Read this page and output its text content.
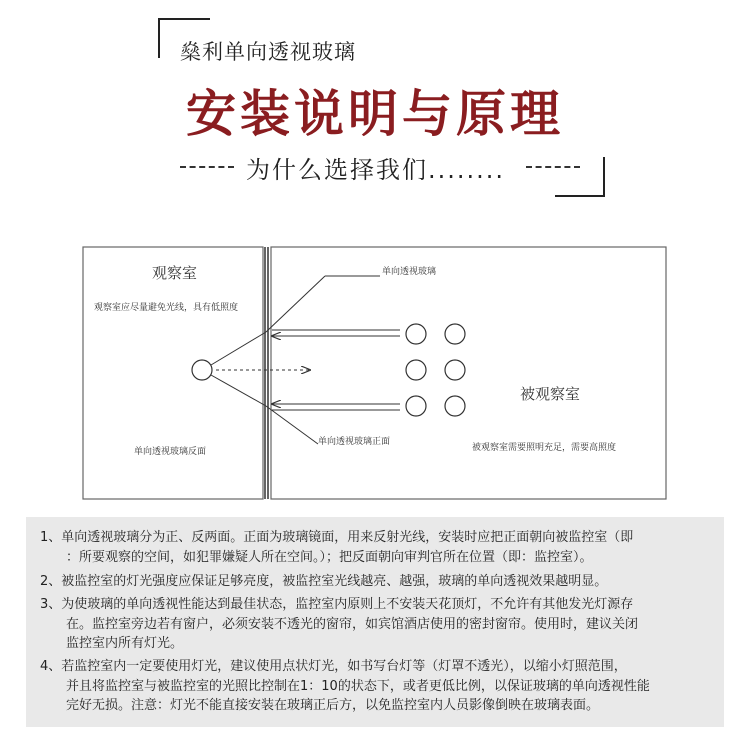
燊利单向透视玻璃
安装说明与原理
为什么选择我们........
观察室
观察室应尽量避免光线，具有低照度
被观察室
被观察室需要照明充足，需要高照度
单向透视玻璃
单向透视玻璃反面
单向透视玻璃正面
1、单向透视玻璃分为正、反两面。正面为玻璃镜面，用来反射光线，安装时应把正面朝向被监控室（即
：所要观察的空间，如犯罪嫌疑人所在空间。）；把反面朝向审判官所在位置（即：监控室）。
2、被监控室的灯光强度应保证足够亮度，被监控室光线越亮、越强，玻璃的单向透视效果越明显。
3、为使玻璃的单向透视性能达到最佳状态，监控室内原则上不安装天花顶灯，不允许有其他发光灯源存
在。监控室旁边若有窗户，必须安装不透光的窗帘，如宾馆酒店使用的密封窗帘。使用时，建议关闭
监控室内所有灯光。
4、若监控室内一定要使用灯光，建议使用点状灯光，如书写台灯等（灯罩不透光），以缩小灯照范围，
并且将监控室与被监控室的光照比控制在1：10的状态下，或者更低比例，以保证玻璃的单向透视性能
完好无损。注意：灯光不能直接安装在玻璃正后方，以免监控室内人员影像倒映在玻璃表面。
